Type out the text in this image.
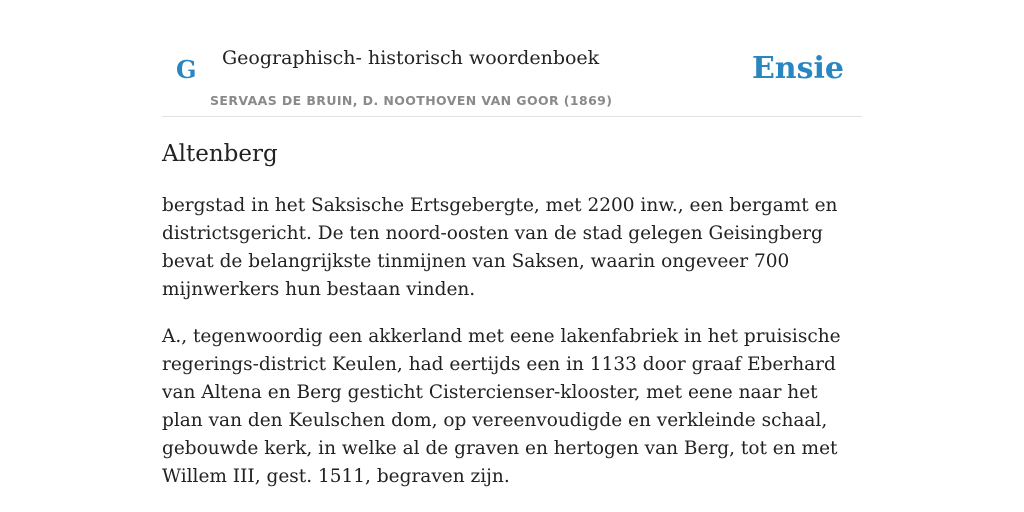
G Geographisch- historisch woordenboek
SERVAAS DE BRUIN, D. NOOTHOVEN VAN GOOR (1869)
Ensie
Altenberg

bergstad in het Saksische Ertsgebergte, met 2200 inw., een bergamt en districtsgericht. De ten noord-oosten van de stad gelegen Geisingberg bevat de belangrijkste tinmijnen van Saksen, waarin ongeveer 700 mijnwerkers hun bestaan vinden.

A., tegenwoordig een akkerland met eene lakenfabriek in het pruisische regerings-district Keulen, had eertijds een in 1133 door graaf Eberhard van Altena en Berg gesticht Cistercienser-klooster, met eene naar het plan van den Keulschen dom, op vereenvoudigde en verkleinde schaal, gebouwde kerk, in welke al de graven en hertogen van Berg, tot en met Willem III, gest. 1511, begraven zijn.
